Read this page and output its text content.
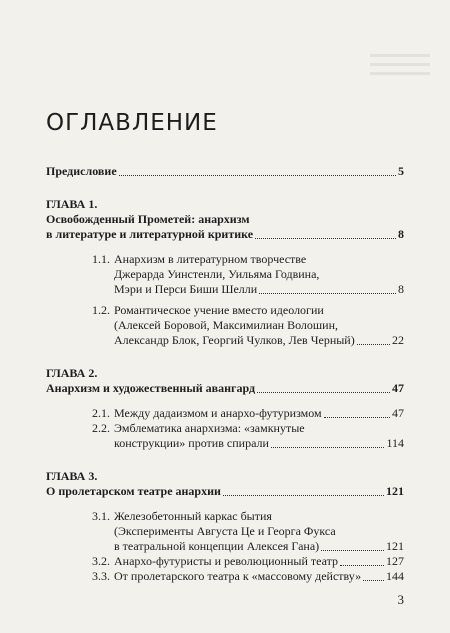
ОГЛАВЛЕНИЕ
Предисловие	5
ГЛАВА 1.
Освобожденный Прометей: анархизм
в литературе и литературной критике	8
1.1. Анархизм в литературном творчестве
Джерарда Уинстенли, Уильяма Годвина,
Мэри и Перси Биши Шелли	8
1.2. Романтическое учение вместо идеологии
(Алексей Боровой, Максимилиан Волошин,
Александр Блок, Георгий Чулков, Лев Черный)	22
ГЛАВА 2.
Анархизм и художественный авангард	47
2.1. Между дадаизмом и анархо-футуризмом	47
2.2. Эмблематика анархизма: «замкнутые
конструкции» против спирали	114
ГЛАВА 3.
О пролетарском театре анархии	121
3.1. Железобетонный каркас бытия
(Эксперименты Августа Це и Георга Фукса
в театральной концепции Алексея Гана)	121
3.2. Анархо-футуристы и революционный театр	127
3.3. От пролетарского театра к «массовому действу» 144
3
